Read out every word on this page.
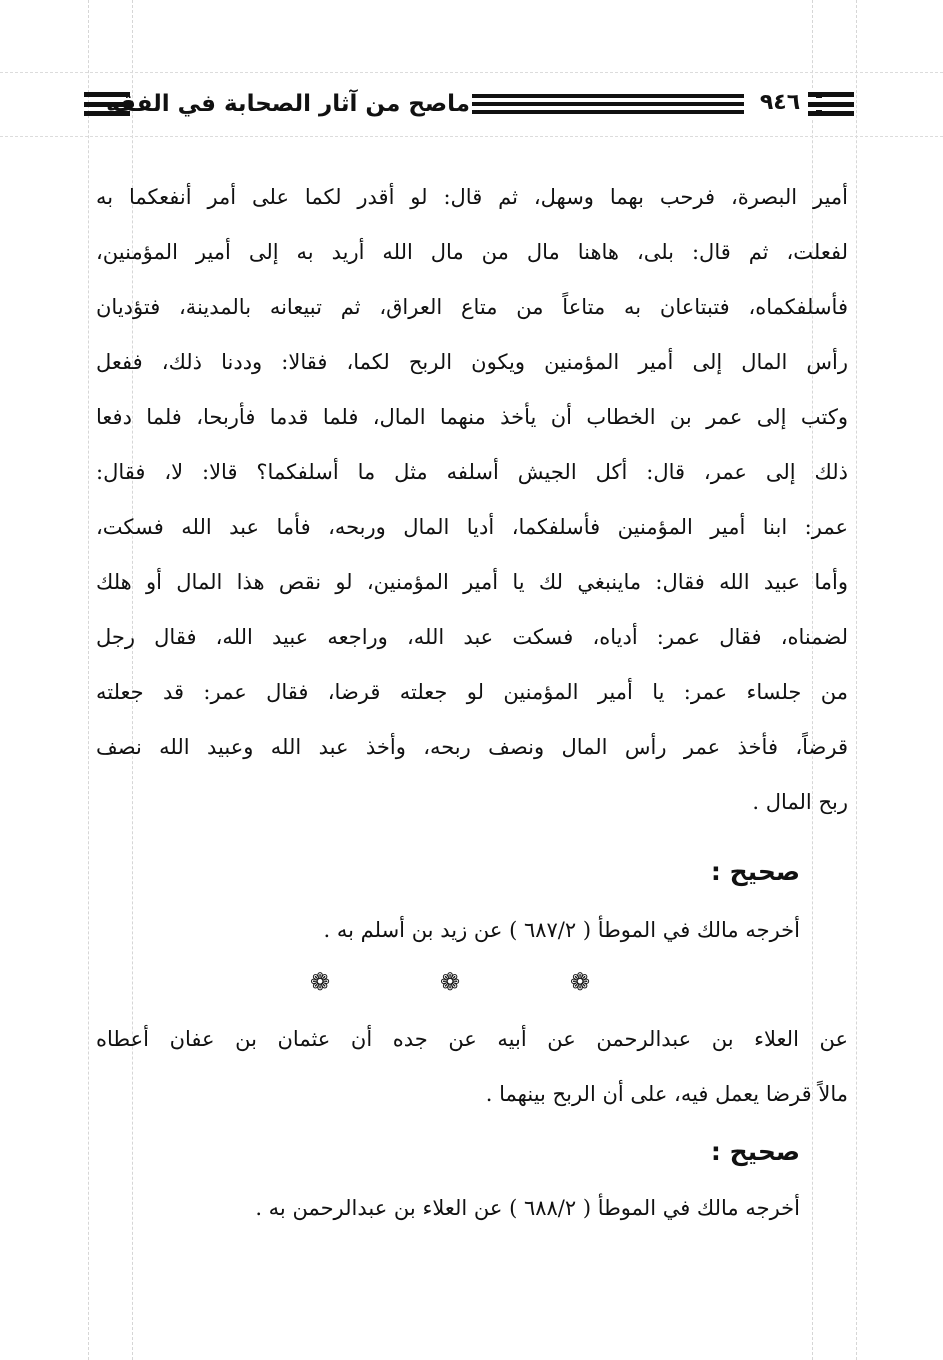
ماصح من آثار الصحابة في الفقه	٩٤٦
أمير البصرة، فرحب بهما وسهل، ثم قال: لو أقدر لكما على أمر أنفعكما به
لفعلت، ثم قال: بلى، هاهنا مال من مال الله أريد به إلى أمير المؤمنين،
فأسلفكماه، فتبتاعان به متاعاً من متاع العراق، ثم تبيعانه بالمدينة، فتؤديان
رأس المال إلى أمير المؤمنين ويكون الربح لكما، فقالا: وددنا ذلك، ففعل
وكتب إلى عمر بن الخطاب أن يأخذ منهما المال، فلما قدما فأربحا، فلما دفعا
ذلك إلى عمر، قال: أكل الجيش أسلفه مثل ما أسلفكما؟ قالا: لا، فقال:
عمر: ابنا أمير المؤمنين فأسلفكما، أديا المال وربحه، فأما عبد الله فسكت،
وأما عبيد الله فقال: ماينبغي لك يا أمير المؤمنين، لو نقص هذا المال أو هلك
لضمناه، فقال عمر: أدياه، فسكت عبد الله، وراجعه عبيد الله، فقال رجل
من جلساء عمر: يا أمير المؤمنين لو جعلته قرضا، فقال عمر: قد جعلته
قرضاً، فأخذ عمر رأس المال ونصف ربحه، وأخذ عبد الله وعبيد الله نصف
ربح المال .
صحيح :
أخرجه مالك في الموطأ ( ٦٨٧/٢ ) عن زيد بن أسلم به .
❁
❁
❁
عن العلاء بن عبدالرحمن عن أبيه عن جده أن عثمان بن عفان أعطاه
مالاً قرضا يعمل فيه، على أن الربح بينهما .
صحيح :
أخرجه مالك في الموطأ ( ٦٨٨/٢ ) عن العلاء بن عبدالرحمن به .
